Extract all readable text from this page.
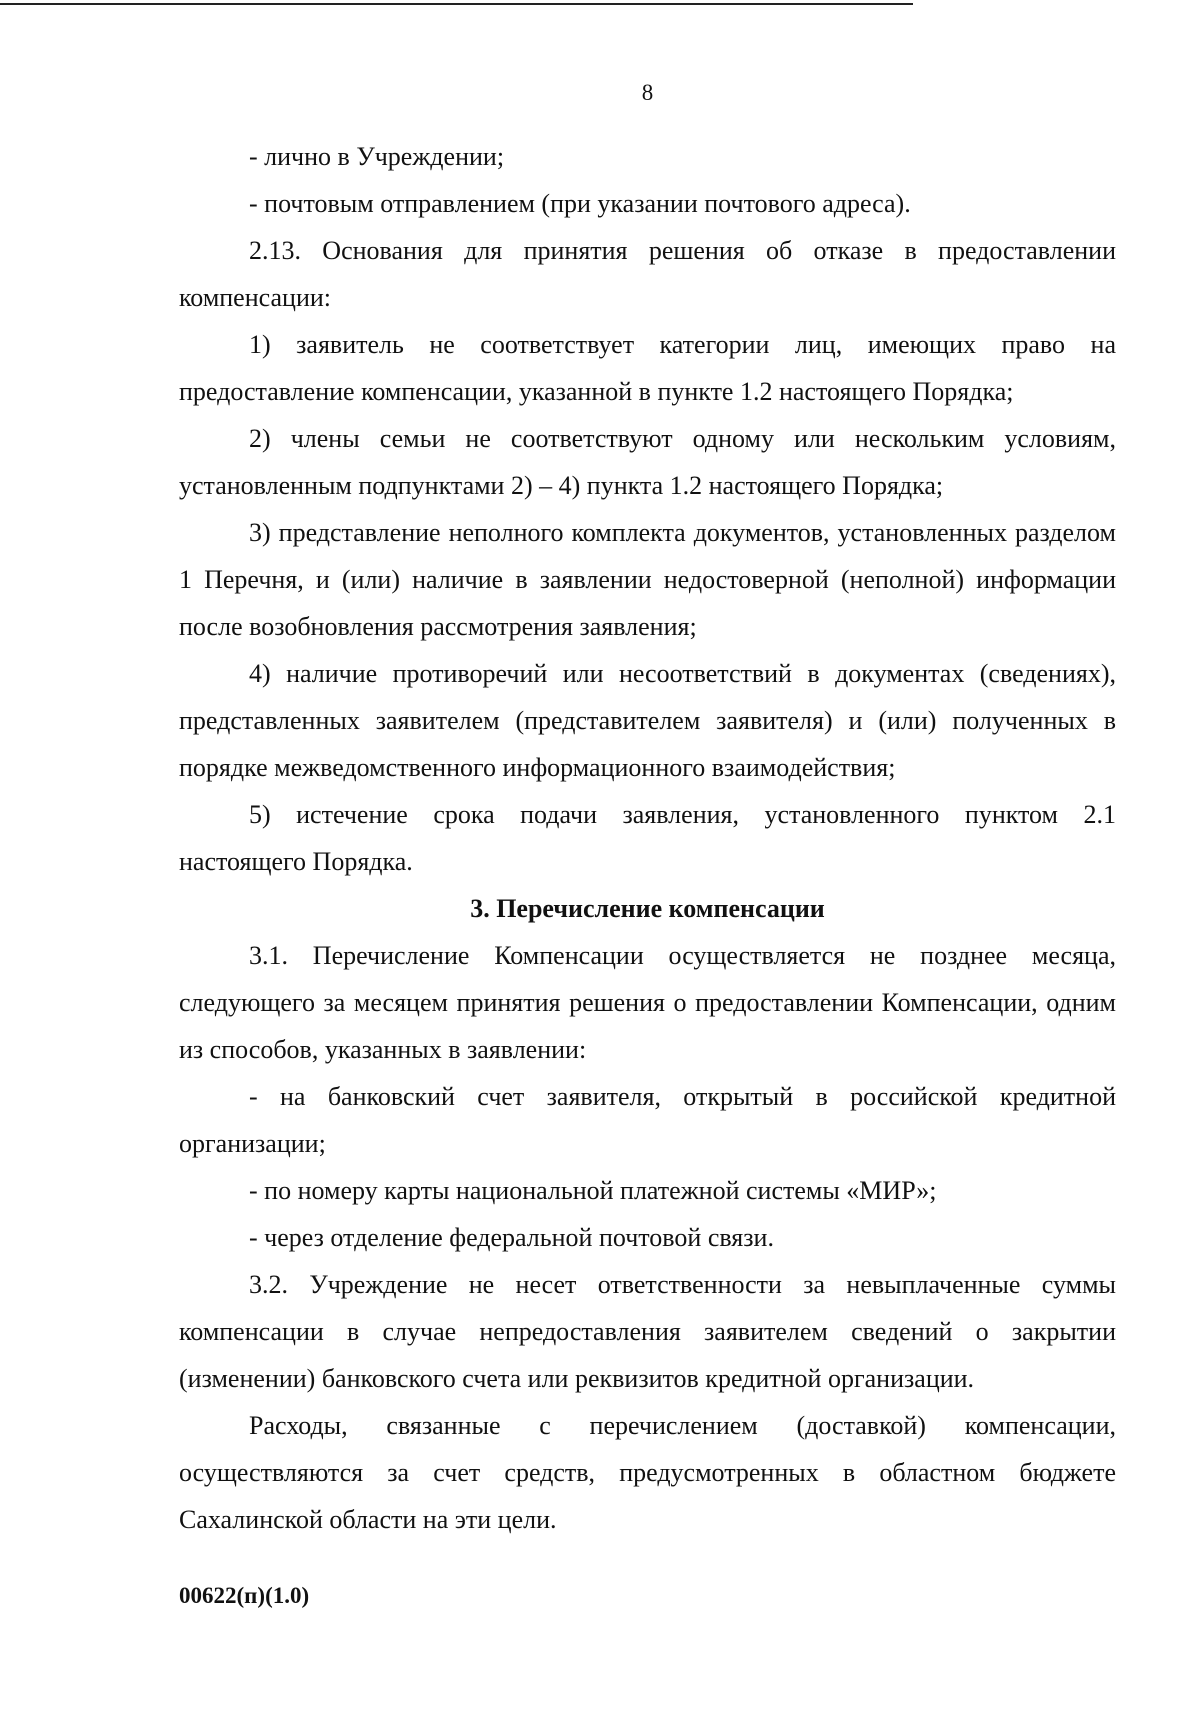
8

- лично в Учреждении;

- почтовым отправлением (при указании почтового адреса).

2.13. Основания для принятия решения об отказе в предоставлении компенсации:

1) заявитель не соответствует категории лиц, имеющих право на предоставление компенсации, указанной в пункте 1.2 настоящего Порядка;

2) члены семьи не соответствуют одному или нескольким условиям, установленным подпунктами 2) – 4) пункта 1.2 настоящего Порядка;

3) представление неполного комплекта документов, установленных разделом 1 Перечня, и (или) наличие в заявлении недостоверной (неполной) информации после возобновления рассмотрения заявления;

4) наличие противоречий или несоответствий в документах (сведениях), представленных заявителем (представителем заявителя) и (или) полученных в порядке межведомственного информационного взаимодействия;

5) истечение срока подачи заявления, установленного пунктом 2.1 настоящего Порядка.

3. Перечисление компенсации

3.1. Перечисление Компенсации осуществляется не позднее месяца, следующего за месяцем принятия решения о предоставлении Компенсации, одним из способов, указанных в заявлении:

- на банковский счет заявителя, открытый в российской кредитной организации;

- по номеру карты национальной платежной системы «МИР»;

- через отделение федеральной почтовой связи.

3.2. Учреждение не несет ответственности за невыплаченные суммы компенсации в случае непредоставления заявителем сведений о закрытии (изменении) банковского счета или реквизитов кредитной организации.

Расходы, связанные с перечислением (доставкой) компенсации, осуществляются за счет средств, предусмотренных в областном бюджете Сахалинской области на эти цели.

00622(п)(1.0)
